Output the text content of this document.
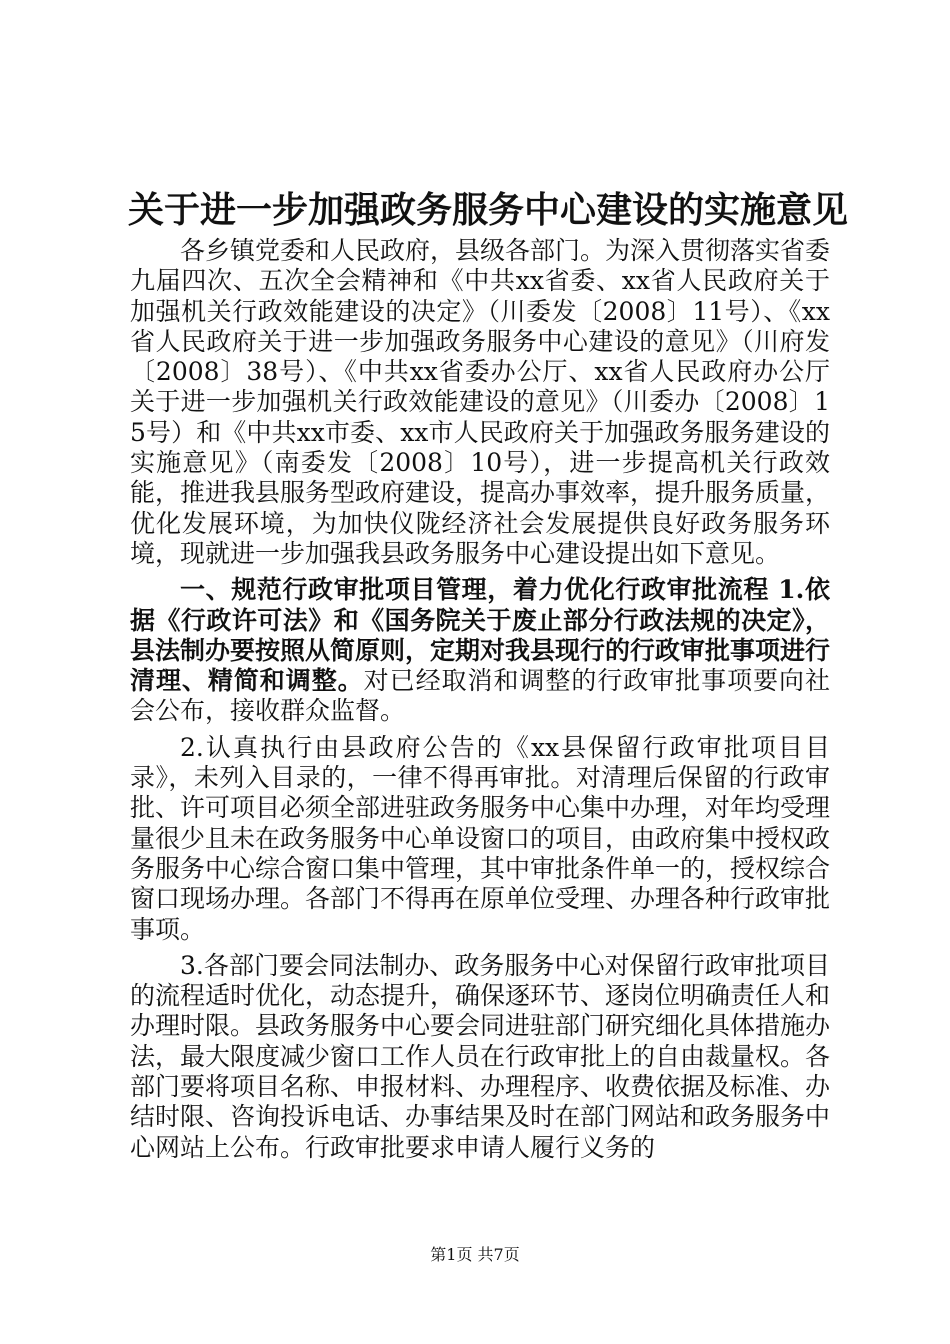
关于进一步加强政务服务中心建设的实施意见

各乡镇党委和人民政府，县级各部门。为深入贯彻落实省委九届四次、五次全会精神和《中共xx省委、xx省人民政府关于加强机关行政效能建设的决定》（川委发〔2008〕11号）、《xx省人民政府关于进一步加强政务服务中心建设的意见》（川府发〔2008〕38号）、《中共xx省委办公厅、xx省人民政府办公厅关于进一步加强机关行政效能建设的意见》（川委办〔2008〕15号）和《中共xx市委、xx市人民政府关于加强政务服务建设的实施意见》（南委发〔2008〕10号），进一步提高机关行政效能，推进我县服务型政府建设，提高办事效率，提升服务质量，优化发展环境，为加快仪陇经济社会发展提供良好政务服务环境，现就进一步加强我县政务服务中心建设提出如下意见。

一、规范行政审批项目管理，着力优化行政审批流程 1.依据《行政许可法》和《国务院关于废止部分行政法规的决定》，县法制办要按照从简原则，定期对我县现行的行政审批事项进行清理、精简和调整。对已经取消和调整的行政审批事项要向社会公布，接收群众监督。

2.认真执行由县政府公告的《xx县保留行政审批项目目录》，未列入目录的，一律不得再审批。对清理后保留的行政审批、许可项目必须全部进驻政务服务中心集中办理，对年均受理量很少且未在政务服务中心单设窗口的项目，由政府集中授权政务服务中心综合窗口集中管理，其中审批条件单一的，授权综合窗口现场办理。各部门不得再在原单位受理、办理各种行政审批事项。

3.各部门要会同法制办、政务服务中心对保留行政审批项目的流程适时优化，动态提升，确保逐环节、逐岗位明确责任人和办理时限。县政务服务中心要会同进驻部门研究细化具体措施办法，最大限度减少窗口工作人员在行政审批上的自由裁量权。各部门要将项目名称、申报材料、办理程序、收费依据及标准、办结时限、咨询投诉电话、办事结果及时在部门网站和政务服务中心网站上公布。行政审批要求申请人履行义务的

第1页 共7页
